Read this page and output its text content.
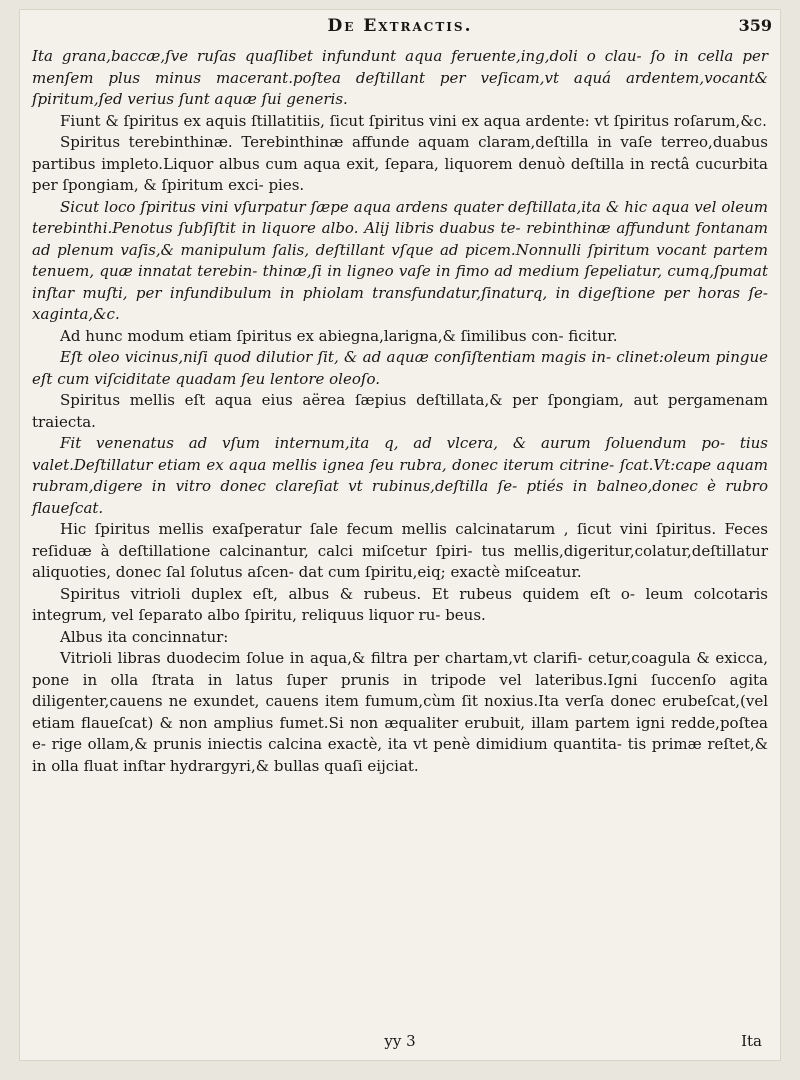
De Extractis.	359

Ita grana,baccæ,ſve ruſas quaſlibet infundunt aqua feruente,ing,doli o clau- ſo in cella per menſem plus minus macerant.poſtea deſtillant per veſicam,vt aquá ardentem,vocant& ſpiritum,ſed verius ſunt aquæ ſui generis.

Fiunt & ſpiritus ex aquis ſtillatitiis, ſicut ſpiritus vini ex aqua ardente: vt ſpiritus roſarum,&c.

Spiritus terebinthinæ. Terebinthinæ affunde aquam claram,deſtilla in vaſe terreo,duabus partibus impleto.Liquor albus cum aqua exit, ſepara, liquorem denuò deſtilla in rectâ cucurbita per ſpongiam, & ſpiritum exci- pies.

Sicut loco ſpiritus vini vſurpatur ſæpe aqua ardens quater deſtillata,ita & hic aqua vel oleum terebinthi.Penotus ſubſiſtit in liquore albo. Alij libris duabus te- rebinthinæ affundunt fontanam ad plenum vaſis,& manipulum ſalis, deſtillant vſque ad picem.Nonnulli ſpiritum vocant partem tenuem, quæ innatat terebin- thinæ,ſi in ligneo vaſe in fimo ad medium ſepeliatur, cumq,ſpumat inſtar muſti, per infundibulum in phiolam transfundatur,ſinaturq, in digeſtione per horas ſe- xaginta,&c.

Ad hunc modum etiam ſpiritus ex abiegna,larigna,& ſimilibus con- ficitur.

Eſt oleo vicinus,niſi quod dilutior ſit, & ad aquæ conſiſtentiam magis in- clinet:oleum pingue eſt cum viſciditate quadam ſeu lentore oleoſo.

Spiritus mellis eſt aqua eius aërea ſæpius deſtillata,& per ſpongiam, aut pergamenam traiecta.

Fit venenatus ad vſum internum,ita q, ad vlcera, & aurum ſoluendum po- tius valet.Deſtillatur etiam ex aqua mellis ignea ſeu rubra, donec iterum citrine- ſcat.Vt:cape aquam rubram,digere in vitro donec clareſiat vt rubinus,deſtilla ſe- ptiés in balneo,donec è rubro flaueſcat.

Hic ſpiritus mellis exaſperatur ſale fecum mellis calcinatarum , ſicut vini ſpiritus. Feces reſiduæ à deſtillatione calcinantur, calci miſcetur ſpiri- tus mellis,digeritur,colatur,deſtillatur aliquoties, donec ſal ſolutus aſcen- dat cum ſpiritu,eiq; exactè miſceatur.

Spiritus vitrioli duplex eſt, albus & rubeus. Et rubeus quidem eſt o- leum colcotaris integrum, vel ſeparato albo ſpiritu, reliquus liquor ru- beus.

Albus ita concinnatur:

Vitrioli libras duodecim ſolue in aqua,& filtra per chartam,vt clarifi- cetur,coagula & exicca, pone in olla ſtrata in latus ſuper prunis in tripode vel lateribus.Igni ſuccenſo agita diligenter,cauens ne exundet, cauens item fumum,cùm ſit noxius.Ita verſa donec erubeſcat,(vel etiam flaueſcat) & non amplius fumet.Si non æqualiter erubuit, illam partem igni redde,poſtea e- rige ollam,& prunis iniectis calcina exactè, ita vt penè dimidium quantita- tis primæ reſtet,& in olla fluat inſtar hydrargyri,& bullas quaſi eijciat.

yy 3	Ita
